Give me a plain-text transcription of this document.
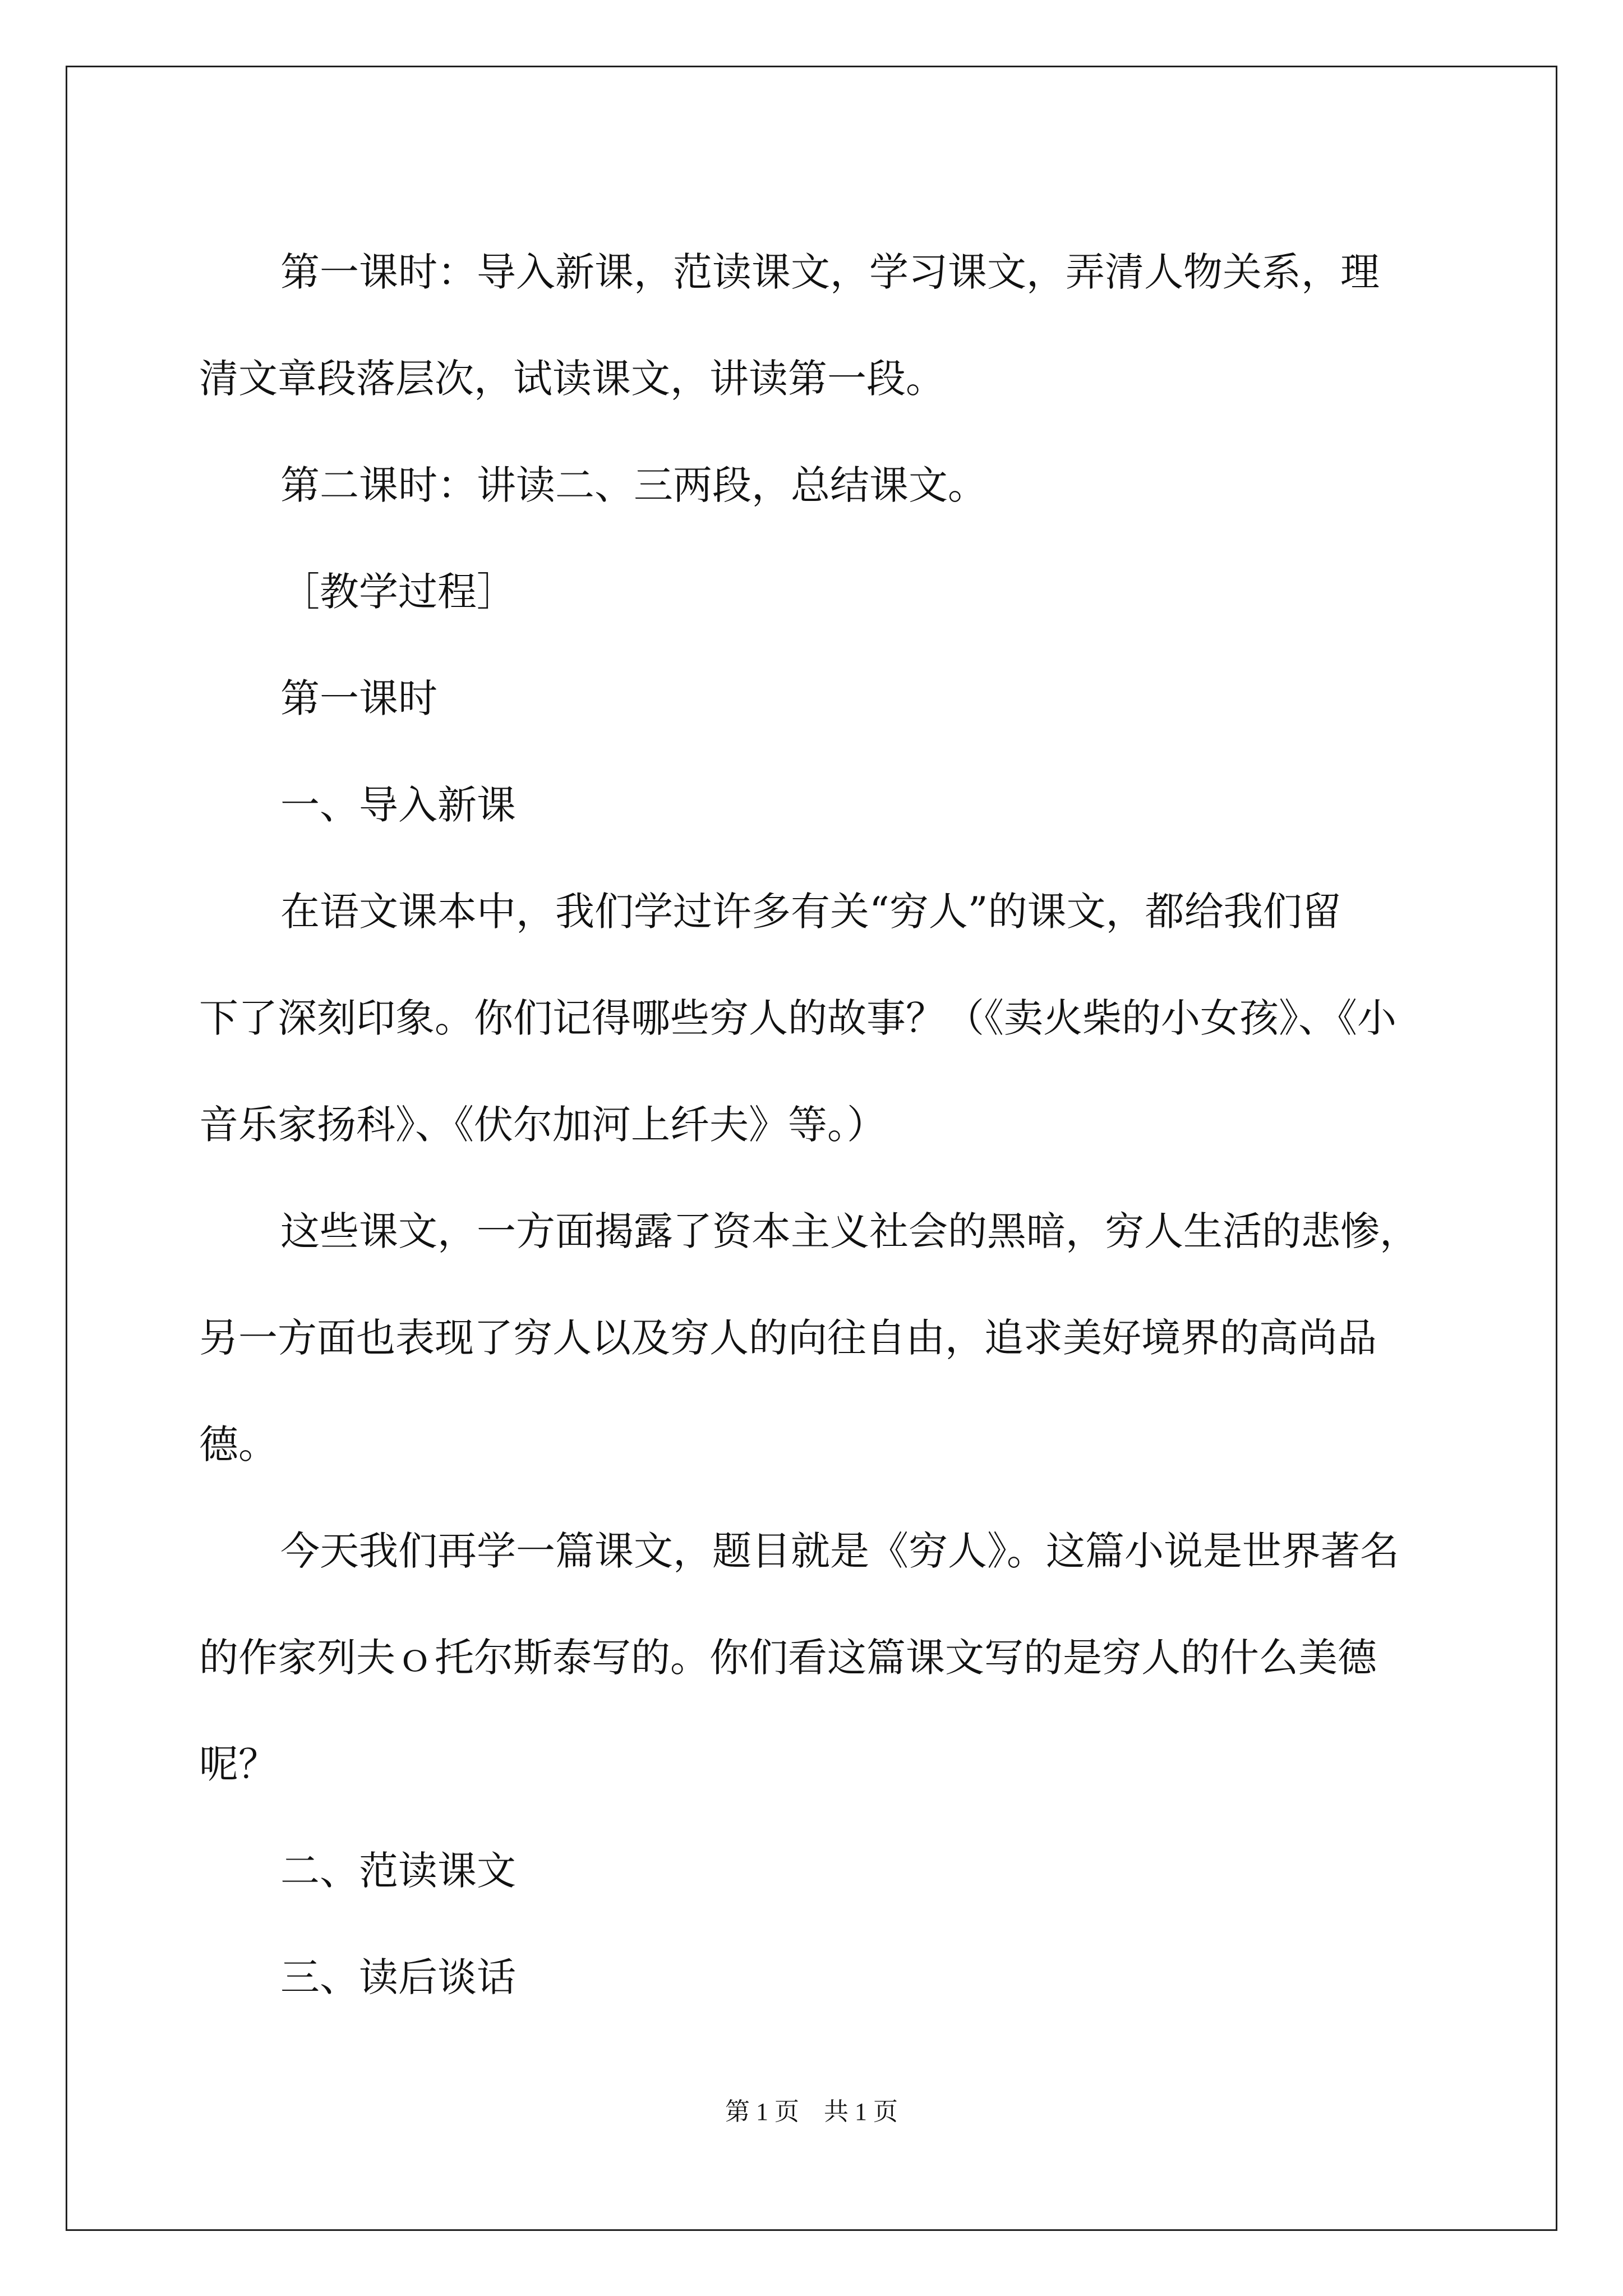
第一课时：导入新课，范读课文，学习课文，弄清人物关系，理

清文章段落层次，试读课文，讲读第一段。

第二课时：讲读二、三两段，总结课文。

［教学过程］

第一课时

一、导入新课

在语文课本中，我们学过许多有关“穷人”的课文，都给我们留

下了深刻印象。你们记得哪些穷人的故事？（《卖火柴的小女孩》、《小

音乐家扬科》、《伏尔加河上纤夫》等。）

这些课文，一方面揭露了资本主义社会的黑暗，穷人生活的悲惨，

另一方面也表现了穷人以及穷人的向往自由，追求美好境界的高尚品

德。

今天我们再学一篇课文，题目就是《穷人》。这篇小说是世界著名

的作家列夫ｏ托尔斯泰写的。你们看这篇课文写的是穷人的什么美德

呢？

二、范读课文

三、读后谈话

第 1 页　共 1 页
